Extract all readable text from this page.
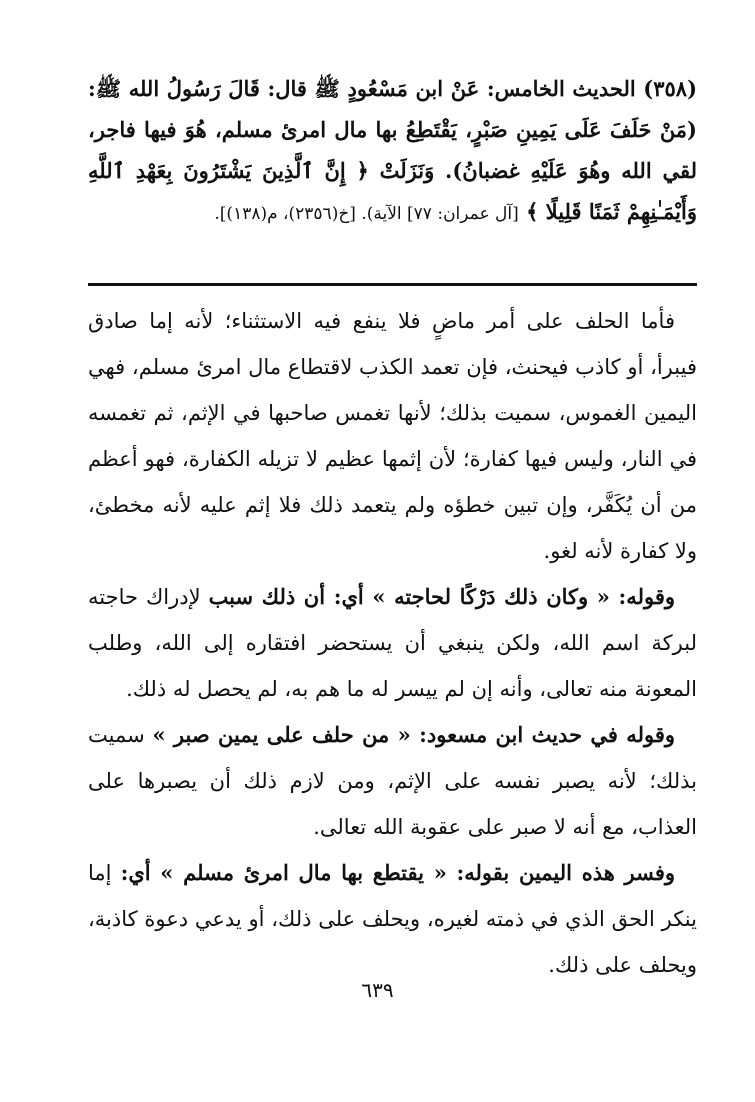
(٣٥٨) الحديث الخامس: عَنْ ابن مَسْعُودٍ ﷺ قال: قَالَ رَسُولُ الله ﷺ: (مَنْ حَلَفَ عَلَى يَمِينِ صَبْرٍ، يَقْتَطِعُ بها مال امرئ مسلم، هُوَ فيها فاجر، لقي الله وهُوَ عَلَيْهِ غضبانُ). وَنَزَلَتْ ﴿ إِنَّ ٱلَّذِينَ يَشْتَرُونَ بِعَهْدِ ٱللَّهِ وَأَيْمَـٰنِهِمْ ثَمَنًا قَلِيلًا ﴾ [آل عمران: ٧٧] الآية). [خ(٢٣٥٦)، م(١٣٨)].

فأما الحلف على أمر ماضٍ فلا ينفع فيه الاستثناء؛ لأنه إما صادق فيبرأ، أو كاذب فيحنث، فإن تعمد الكذب لاقتطاع مال امرئ مسلم، فهي اليمين الغموس، سميت بذلك؛ لأنها تغمس صاحبها في الإثم، ثم تغمسه في النار، وليس فيها كفارة؛ لأن إثمها عظيم لا تزيله الكفارة، فهو أعظم من أن يُكَفَّر، وإن تبين خطؤه ولم يتعمد ذلك فلا إثم عليه لأنه مخطئ، ولا كفارة لأنه لغو.

وقوله: « وكان ذلك دَرْكًا لحاجته » أي: أن ذلك سبب لإدراك حاجته لبركة اسم الله، ولكن ينبغي أن يستحضر افتقاره إلى الله، وطلب المعونة منه تعالى، وأنه إن لم ييسر له ما هم به، لم يحصل له ذلك.

وقوله في حديث ابن مسعود: « من حلف على يمين صبر » سميت بذلك؛ لأنه يصبر نفسه على الإثم، ومن لازم ذلك أن يصبرها على العذاب، مع أنه لا صبر على عقوبة الله تعالى.

وفسر هذه اليمين بقوله: « يقتطع بها مال امرئ مسلم » أي: إما ينكر الحق الذي في ذمته لغيره، ويحلف على ذلك، أو يدعي دعوة كاذبة، ويحلف على ذلك.

٦٣٩
